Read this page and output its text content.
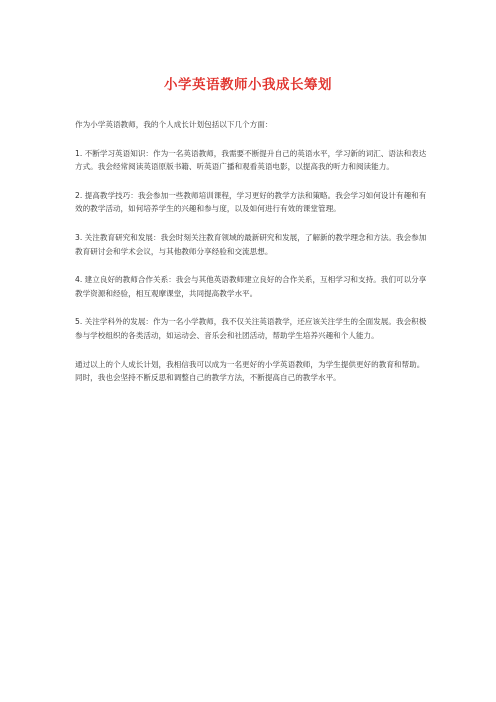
小学英语教师小我成长筹划

作为小学英语教师，我的个人成长计划包括以下几个方面：

1. 不断学习英语知识：作为一名英语教师，我需要不断提升自己的英语水平，学习新的词汇、语法和表达方式。我会经常阅读英语原版书籍、听英语广播和观看英语电影，以提高我的听力和阅读能力。

2. 提高教学技巧：我会参加一些教师培训课程，学习更好的教学方法和策略。我会学习如何设计有趣和有效的教学活动，如何培养学生的兴趣和参与度，以及如何进行有效的课堂管理。

3. 关注教育研究和发展：我会时刻关注教育领域的最新研究和发展，了解新的教学理念和方法。我会参加教育研讨会和学术会议，与其他教师分享经验和交流思想。

4. 建立良好的教师合作关系：我会与其他英语教师建立良好的合作关系，互相学习和支持。我们可以分享教学资源和经验，相互观摩课堂，共同提高教学水平。

5. 关注学科外的发展：作为一名小学教师，我不仅关注英语教学，还应该关注学生的全面发展。我会积极参与学校组织的各类活动，如运动会、音乐会和社团活动，帮助学生培养兴趣和个人能力。

通过以上的个人成长计划，我相信我可以成为一名更好的小学英语教师，为学生提供更好的教育和帮助。同时，我也会坚持不断反思和调整自己的教学方法，不断提高自己的教学水平。
